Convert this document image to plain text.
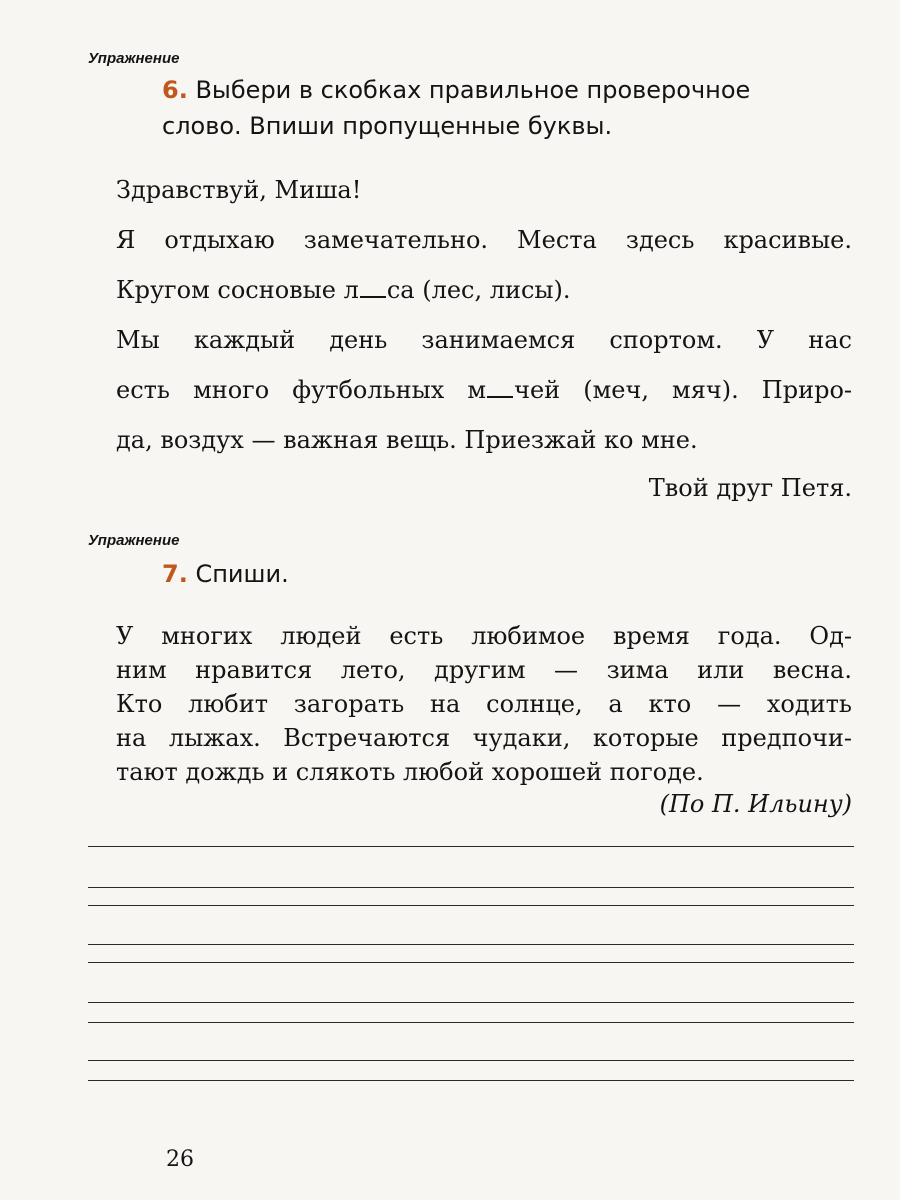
Упражнение
6. Выбери в скобках правильное проверочное
слово. Впиши пропущенные буквы.
Здравствуй, Миша!
Я отдыхаю замечательно. Места здесь красивые.
Кругом сосновые л са (лес, лисы).
Мы каждый день занимаемся спортом. У нас
есть много футбольных м чей (меч, мяч). Приро-
да, воздух — важная вещь. Приезжай ко мне.
Твой друг Петя.
Упражнение
7. Спиши.
У многих людей есть любимое время года. Од-
ним нравится лето, другим — зима или весна.
Кто любит загорать на солнце, а кто — ходить
на лыжах. Встречаются чудаки, которые предпочи-
тают дождь и слякоть любой хорошей погоде.
(По П. Ильину)
26
